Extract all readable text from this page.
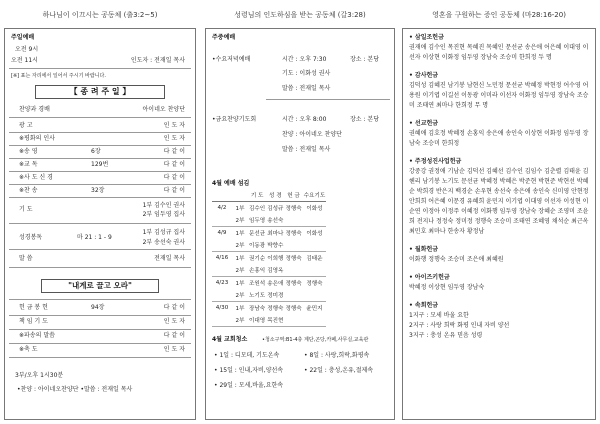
하나님이 이끄시는 공동체 (출3:2~5)	성령님의 인도하심을 받는 공동체 (갈3:28)	영혼을 구원하는 증인 공동체 (마28:16-20)
주일예배
오전 9시
오전 11시	인도자 : 전재일 목사
[※] 표는 자리에서 일어서 주시기 바랍니다.
【 종 려 주 일 】
찬양과 경배	아이네오 찬양단
광 고	인 도 자
※평화의 인사	인 도 자
※송 영	6장	다 같 이
※교 독	129번	다 같 이
※사 도 신 경	다 같 이
※찬 송	32장	다 같 이
기 도
1부 김수인 권사
2부 임두영 집사
성경봉독	마 21 : 1 - 9
1부 김성규 집사
2부 송선숙 권사
말 씀	전재일 목사
"내게로 끌고 오라"
헌 금 봉 헌	94장	다 같 이
책 임 기 도	인 도 자
※파송의 말씀	다 같 이
※축 도	인 도 자
3부/오후 1시30분
•찬양 : 아이네오찬양단 •말씀 : 전재일 목사
주중예배
•수요저녁예배	시간 : 오후 7:30	장소 : 본당
기도 : 이화성 권사
말씀 : 전재일 목사
•금요찬양기도회	시간 : 오후 8:00	장소 : 본당
찬양 : 아이네오 찬양단
말씀 : 전재일 목사
4월 예배 섬김
		기 도	성 경	헌 금	수요기도
4/2	1부	김수인	김성규	정행숙	이화성
	2부	임두영	송선숙		
4/9	1부	문선균	최마나	정행숙	이화성
	2부	이동광	박향수		
4/16	1부	권기순	이희행	정행숙	김태운
	2부	손홍익	김영옥		
4/23	1부	조원석	송은애	정행숙	정행숙
	2부	노기도	정미경		
4/30	1부	장남숙	정행숙	정행숙	윤민지
	2부	이대영	목진현		
4월 교회청소	•청소구역:B1-4층 계단,곤당,카페,사무실,교육관
• 1일 : 디모데, 기도온속	• 8일 : 사랑,희락,화평속
• 15일 : 인내,자비,양선속	• 22일 : 충성,온유,절제속
• 29일 : 모세,바울,요한속
• 삼일조헌금
권재애 김수인 목진현 목혜진 목혜인 문선균 송은애 어은혜 이대영 이선자 이상현 이화정 임두영 장남숙 조승미 한희정 두 명
• 감사헌금
김덕성 김혜진 남기봉 남현신 노민정 문선균 박혜정 박현정 어수영 어용원 이기엽 이길선 이동광 이미라 이선자 이화정 임두영 장남숙 조승미 조태연 최마나 한희정 무 명
• 선교헌금
권혜애 김호정 박혜정 손홍익 송은애 송인숙 이상현 이화정 임두영 장남숙 조승미 한희정
• 주정성진사업헌금
강중강 권정애 기남순 김덕선 김혜선 김수인 김임수 김춘렬 김태윤 김헨리 남기봉 노기도 문선균 박혜정 박혜은 박준현 박현준 박현선 박혜순 박희경 반은지 백경순 손우현 송선숙 송은애 송인숙 신미영 안현정 안희희 어은혜 이문경 유혜희 윤민지 이기엽 이대영 이선자 이성현 이순연 이정아 이정주 이혜정 이화행 임두영 장남숙 장혜순 조영미 조윤희 전지나 정정숙 정미정 정행숙 조승미 조태연 조혜영 채석순 최근옥 최민호 최마나 한송자 황정남
• 월화헌금
이화행 정행숙 조승미 조은애 최혜원
• 아이즈키헌금
박혜정 이상현 임두영 장남숙
• 속회헌금
1지구 : 모세 바울 요한
2지구 : 사랑 희락 화평 인내 자비 양선
3지구 : 충성 온유 믿음 성령
